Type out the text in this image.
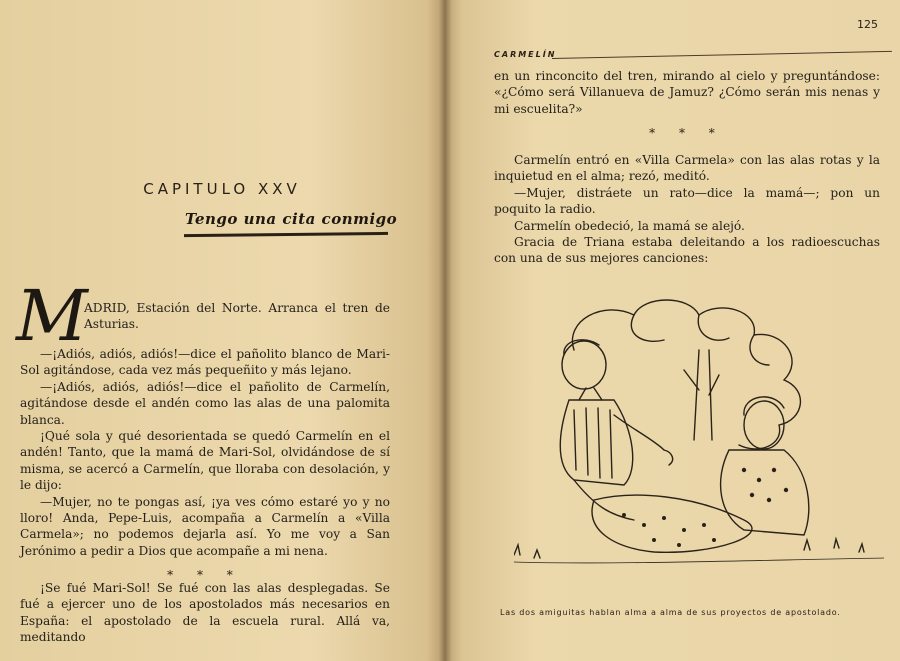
CAPITULO XXV
Tengo una cita conmigo
M

ADRID, Estación del Norte. Arranca el tren de Asturias.

—¡Adiós, adiós, adiós!—dice el pañolito blanco de Mari-Sol agitándose, cada vez más pequeñito y más lejano.

—¡Adiós, adiós, adiós!—dice el pañolito de Carmelín, agitándose desde el andén como las alas de una palomita blanca.

¡Qué sola y qué desorientada se quedó Carmelín en el andén! Tanto, que la mamá de Mari-Sol, olvidándose de sí misma, se acercó a Carmelín, que lloraba con desolación, y le dijo:

—Mujer, no te pongas así, ¡ya ves cómo estaré yo y no lloro! Anda, Pepe-Luis, acompaña a Carmelín a «Villa Carmela»; no podemos dejarla así. Yo me voy a San Jerónimo a pedir a Dios que acompañe a mi nena.

* * *

¡Se fué Mari-Sol! Se fué con las alas desplegadas. Se fué a ejercer uno de los apostolados más necesarios en España: el apostolado de la escuela rural. Allá va, meditando

125
CARMELÍN

en un rinconcito del tren, mirando al cielo y preguntándose: «¿Cómo será Villanueva de Jamuz? ¿Cómo serán mis nenas y mi escuelita?»

* * *

Carmelín entró en «Villa Carmela» con las alas rotas y la inquietud en el alma; rezó, meditó.

—Mujer, distráete un rato—dice la mamá—; pon un poquito la radio.

Carmelín obedeció, la mamá se alejó.

Gracia de Triana estaba deleitando a los radioescuchas con una de sus mejores canciones:

Las dos amiguitas hablan alma a alma de sus proyectos de apostolado.
